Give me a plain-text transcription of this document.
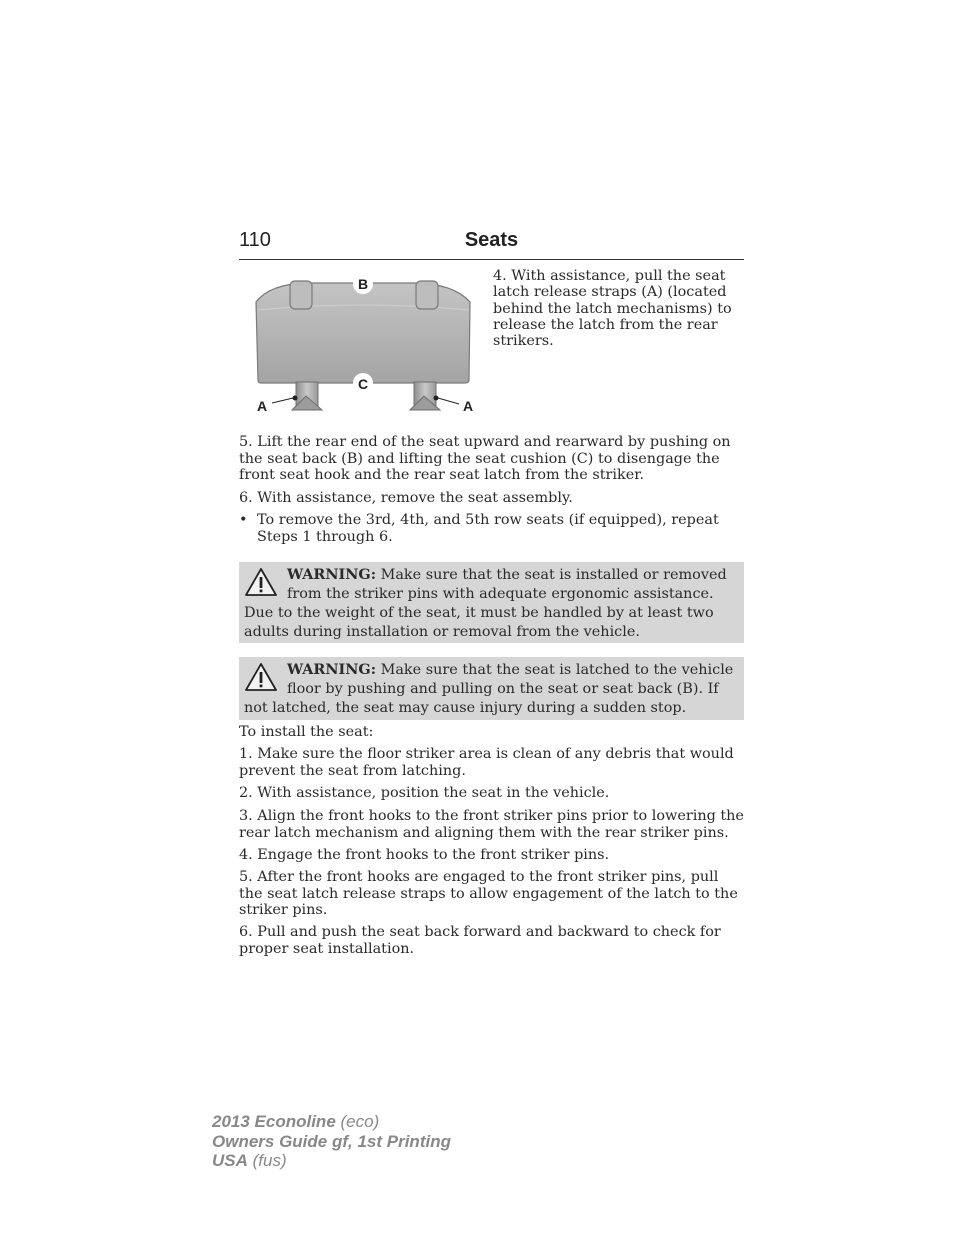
110	Seats
B
C
A	A

4. With assistance, pull the seat latch release straps (A) (located behind the latch mechanisms) to release the latch from the rear strikers.

5. Lift the rear end of the seat upward and rearward by pushing on the seat back (B) and lifting the seat cushion (C) to disengage the front seat hook and the rear seat latch from the striker.

6. With assistance, remove the seat assembly.

• To remove the 3rd, 4th, and 5th row seats (if equipped), repeat Steps 1 through 6.
WARNING: Make sure that the seat is installed or removed from the striker pins with adequate ergonomic assistance. Due to the weight of the seat, it must be handled by at least two adults during installation or removal from the vehicle.
WARNING: Make sure that the seat is latched to the vehicle floor by pushing and pulling on the seat or seat back (B). If not latched, the seat may cause injury during a sudden stop.

To install the seat:

1. Make sure the floor striker area is clean of any debris that would prevent the seat from latching.

2. With assistance, position the seat in the vehicle.

3. Align the front hooks to the front striker pins prior to lowering the rear latch mechanism and aligning them with the rear striker pins.

4. Engage the front hooks to the front striker pins.

5. After the front hooks are engaged to the front striker pins, pull the seat latch release straps to allow engagement of the latch to the striker pins.

6. Pull and push the seat back forward and backward to check for proper seat installation.

2013 Econoline (eco)
Owners Guide gf, 1st Printing
USA (fus)
